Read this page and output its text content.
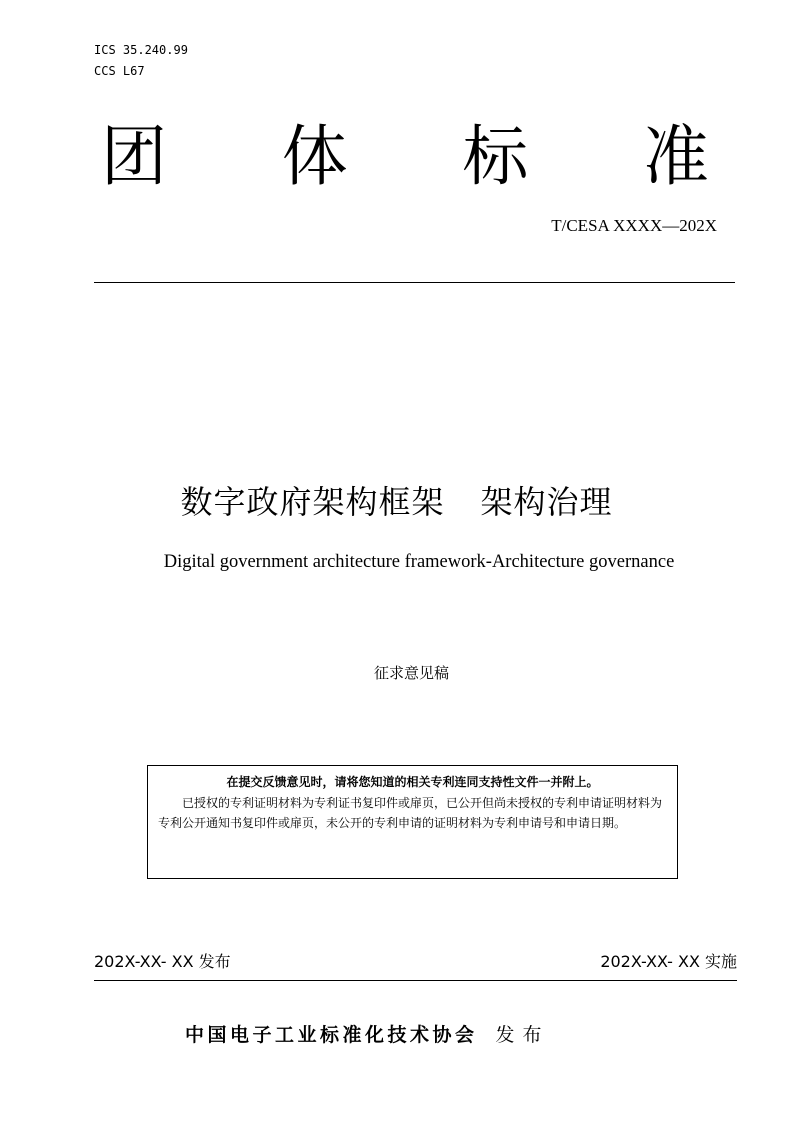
ICS 35.240.99
CCS L67
团 体 标 准
T/CESA XXXX—202X
数字政府架构框架 架构治理
Digital government architecture framework-Architecture governance
征求意见稿
在提交反馈意见时，请将您知道的相关专利连同支持性文件一并附上。
已授权的专利证明材料为专利证书复印件或扉页，已公开但尚未授权的专利申请证明材料为专利公开通知书复印件或扉页，未公开的专利申请的证明材料为专利申请号和申请日期。
202X-XX- XX 发布	202X-XX- XX 实施
中国电子工业标准化技术协会 发布
